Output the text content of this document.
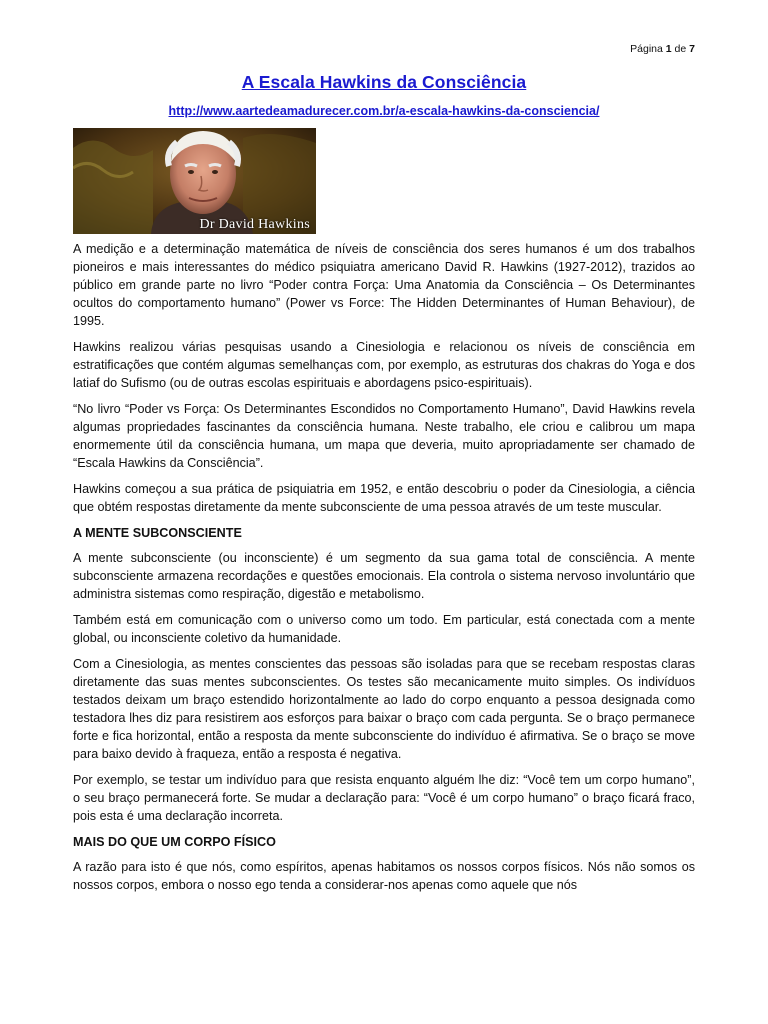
Página 1 de 7
A Escala Hawkins da Consciência
http://www.aartedeamadurecer.com.br/a-escala-hawkins-da-consciencia/
Dr David Hawkins

A medição e a determinação matemática de níveis de consciência dos seres humanos é um dos trabalhos pioneiros e mais interessantes do médico psiquiatra americano David R. Hawkins (1927-2012), trazidos ao público em grande parte no livro “Poder contra Força: Uma Anatomia da Consciência – Os Determinantes ocultos do comportamento humano” (Power vs Force: The Hidden Determinantes of Human Behaviour), de 1995.

Hawkins realizou várias pesquisas usando a Cinesiologia e relacionou os níveis de consciência em estratificações que contém algumas semelhanças com, por exemplo, as estruturas dos chakras do Yoga e dos latiaf do Sufismo (ou de outras escolas espirituais e abordagens psico-espirituais).

“No livro “Poder vs Força: Os Determinantes Escondidos no Comportamento Humano”, David Hawkins revela algumas propriedades fascinantes da consciência humana. Neste trabalho, ele criou e calibrou um mapa enormemente útil da consciência humana, um mapa que deveria, muito apropriadamente ser chamado de “Escala Hawkins da Consciência”.

Hawkins começou a sua prática de psiquiatria em 1952, e então descobriu o poder da Cinesiologia, a ciência que obtém respostas diretamente da mente subconsciente de uma pessoa através de um teste muscular.

A MENTE SUBCONSCIENTE

A mente subconsciente (ou inconsciente) é um segmento da sua gama total de consciência. A mente subconsciente armazena recordações e questões emocionais. Ela controla o sistema nervoso involuntário que administra sistemas como respiração, digestão e metabolismo.

Também está em comunicação com o universo como um todo. Em particular, está conectada com a mente global, ou inconsciente coletivo da humanidade.

Com a Cinesiologia, as mentes conscientes das pessoas são isoladas para que se recebam respostas claras diretamente das suas mentes subconscientes. Os testes são mecanicamente muito simples. Os indivíduos testados deixam um braço estendido horizontalmente ao lado do corpo enquanto a pessoa designada como testadora lhes diz para resistirem aos esforços para baixar o braço com cada pergunta. Se o braço permanece forte e fica horizontal, então a resposta da mente subconsciente do indivíduo é afirmativa. Se o braço se move para baixo devido à fraqueza, então a resposta é negativa.

Por exemplo, se testar um indivíduo para que resista enquanto alguém lhe diz: “Você tem um corpo humano”, o seu braço permanecerá forte. Se mudar a declaração para: “Você é um corpo humano” o braço ficará fraco, pois esta é uma declaração incorreta.

MAIS DO QUE UM CORPO FÍSICO

A razão para isto é que nós, como espíritos, apenas habitamos os nossos corpos físicos. Nós não somos os nossos corpos, embora o nosso ego tenda a considerar-nos apenas como aquele que nós
